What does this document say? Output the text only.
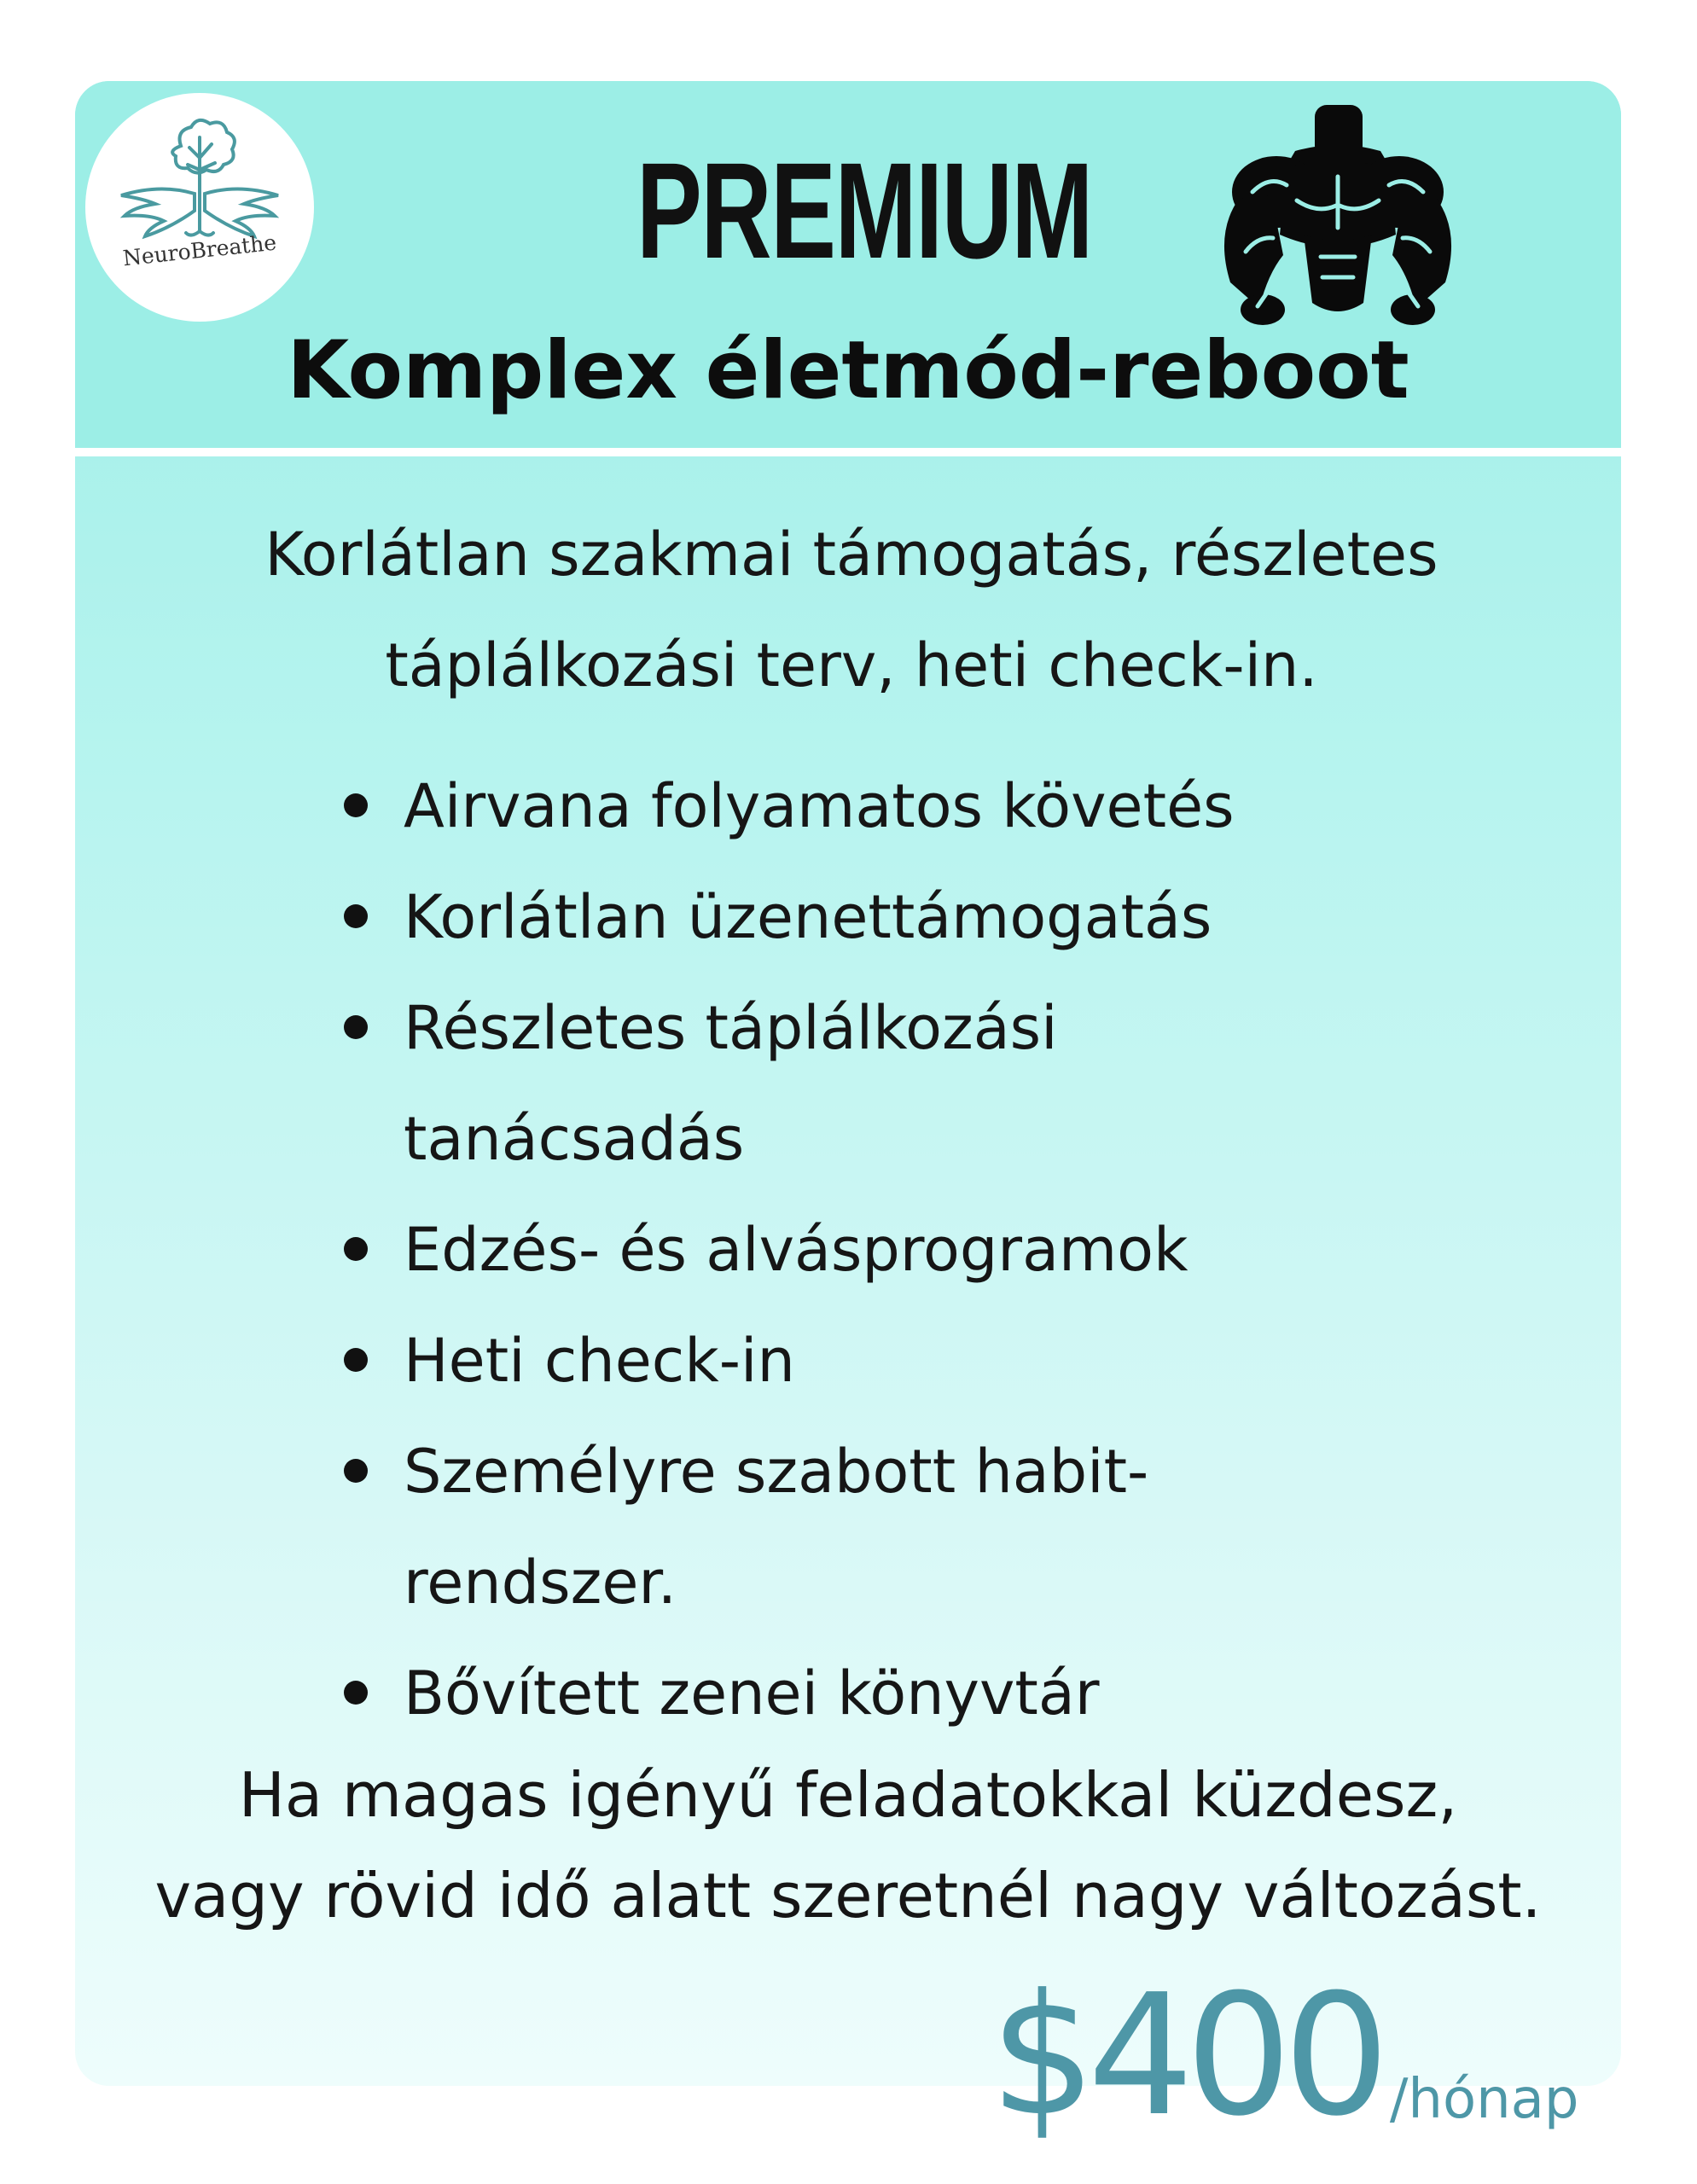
NeuroBreathe	PREMIUM
Komplex életmód-reboot
Korlátlan szakmai támogatás, részletes
táplálkozási terv, heti check-in.
Airvana folyamatos követés
Korlátlan üzenettámogatás
Részletes táplálkozási
tanácsadás
Edzés- és alvásprogramok
Heti check-in
Személyre szabott habit-
rendszer.
Bővített zenei könyvtár
Ha magas igényű feladatokkal küzdesz,
vagy rövid idő alatt szeretnél nagy változást.
$400 /hónap
